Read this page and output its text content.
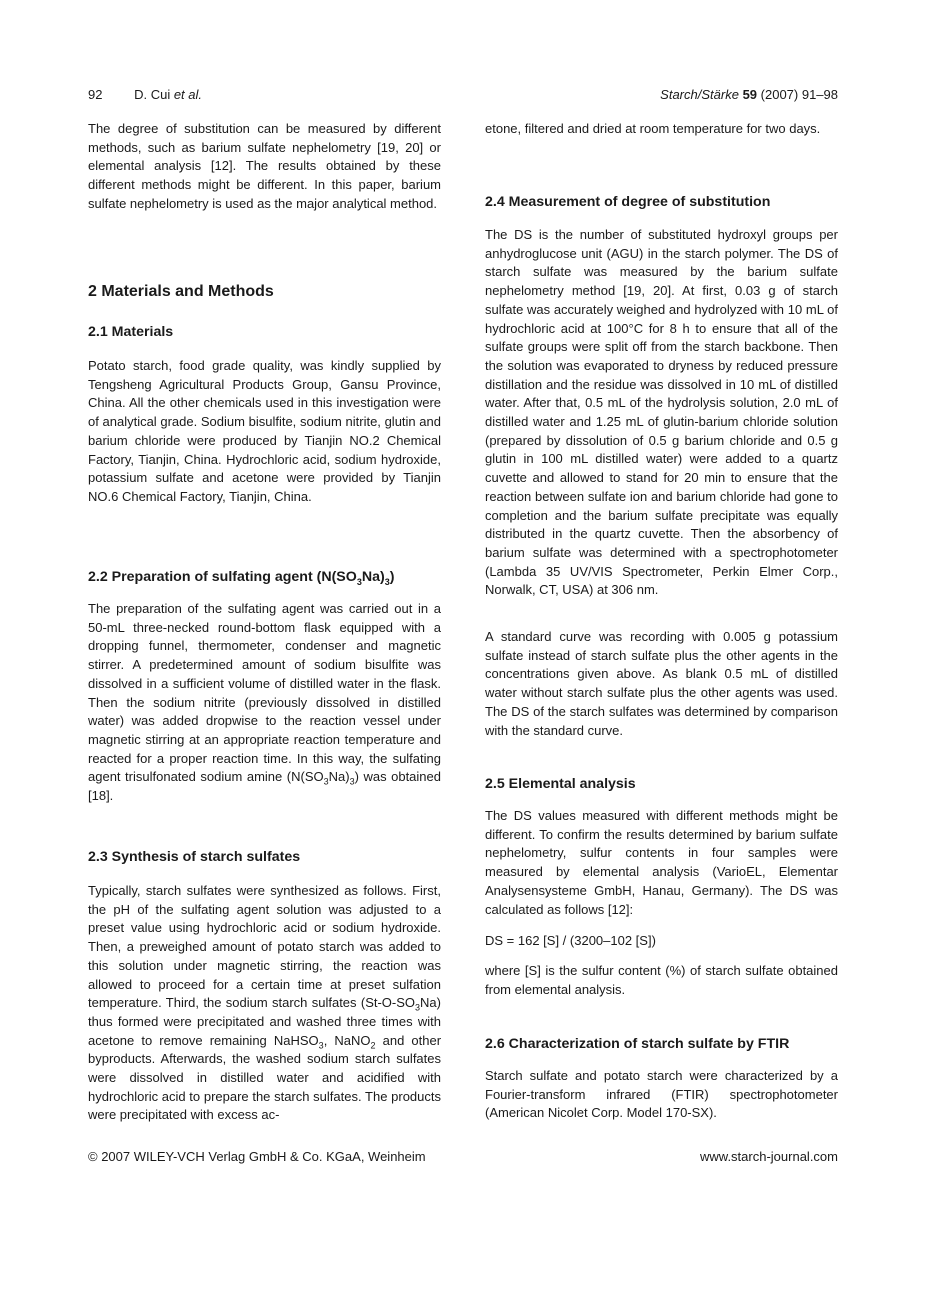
92 D. Cui et al.	Starch/Stärke 59 (2007) 91–98

The degree of substitution can be measured by different methods, such as barium sulfate nephelometry [19, 20] or elemental analysis [12]. The results obtained by these different methods might be different. In this paper, barium sulfate nephelometry is used as the major analytical method.

2 Materials and Methods
2.1 Materials

Potato starch, food grade quality, was kindly supplied by Tengsheng Agricultural Products Group, Gansu Province, China. All the other chemicals used in this investigation were of analytical grade. Sodium bisulfite, sodium nitrite, glutin and barium chloride were produced by Tianjin NO.2 Chemical Factory, Tianjin, China. Hydrochloric acid, sodium hydroxide, potassium sulfate and acetone were provided by Tianjin NO.6 Chemical Factory, Tianjin, China.

2.2 Preparation of sulfating agent $(N(SO_3Na)_3)$

The preparation of the sulfating agent was carried out in a 50-mL three-necked round-bottom flask equipped with a dropping funnel, thermometer, condenser and magnetic stirrer. A predetermined amount of sodium bisulfite was dissolved in a sufficient volume of distilled water in the flask. Then the sodium nitrite (previously dissolved in distilled water) was added dropwise to the reaction vessel under magnetic stirring at an appropriate reaction temperature and reacted for a proper reaction time. In this way, the sulfating agent trisulfonated sodium amine $(N(SO_3Na)_3)$ was obtained [18].

2.3 Synthesis of starch sulfates

Typically, starch sulfates were synthesized as follows. First, the pH of the sulfating agent solution was adjusted to a preset value using hydrochloric acid or sodium hydroxide. Then, a preweighed amount of potato starch was added to this solution under magnetic stirring, the reaction was allowed to proceed for a certain time at preset sulfation temperature. Third, the sodium starch sulfates $(St-O-SO_3Na)$ thus formed were precipitated and washed three times with acetone to remove remaining NaHSO$_3$, NaNO$_2$ and other byproducts. Afterwards, the washed sodium starch sulfates were dissolved in distilled water and acidified with hydrochloric acid to prepare the starch sulfates. The products were precipitated with excess ac-

etone, filtered and dried at room temperature for two days.

2.4 Measurement of degree of substitution

The DS is the number of substituted hydroxyl groups per anhydroglucose unit (AGU) in the starch polymer. The DS of starch sulfate was measured by the barium sulfate nephelometry method [19, 20]. At first, 0.03 g of starch sulfate was accurately weighed and hydrolyzed with 10 mL of hydrochloric acid at 100°C for 8 h to ensure that all of the sulfate groups were split off from the starch backbone. Then the solution was evaporated to dryness by reduced pressure distillation and the residue was dissolved in 10 mL of distilled water. After that, 0.5 mL of the hydrolysis solution, 2.0 mL of distilled water and 1.25 mL of glutin-barium chloride solution (prepared by dissolution of 0.5 g barium chloride and 0.5 g glutin in 100 mL distilled water) were added to a quartz cuvette and allowed to stand for 20 min to ensure that the reaction between sulfate ion and barium chloride had gone to completion and the barium sulfate precipitate was equally distributed in the quartz cuvette. Then the absorbency of barium sulfate was determined with a spectrophotometer (Lambda 35 UV/VIS Spectrometer, Perkin Elmer Corp., Norwalk, CT, USA) at 306 nm.

A standard curve was recording with 0.005 g potassium sulfate instead of starch sulfate plus the other agents in the concentrations given above. As blank 0.5 mL of distilled water without starch sulfate plus the other agents was used. The DS of the starch sulfates was determined by comparison with the standard curve.

2.5 Elemental analysis

The DS values measured with different methods might be different. To confirm the results determined by barium sulfate nephelometry, sulfur contents in four samples were measured by elemental analysis (VarioEL, Elementar Analysensysteme GmbH, Hanau, Germany). The DS was calculated as follows [12]:

DS = 162 [S] / (3200–102 [S])

where [S] is the sulfur content (%) of starch sulfate obtained from elemental analysis.

2.6 Characterization of starch sulfate by FTIR

Starch sulfate and potato starch were characterized by a Fourier-transform infrared (FTIR) spectrophotometer (American Nicolet Corp. Model 170-SX).

© 2007 WILEY-VCH Verlag GmbH & Co. KGaA, Weinheim	www.starch-journal.com
